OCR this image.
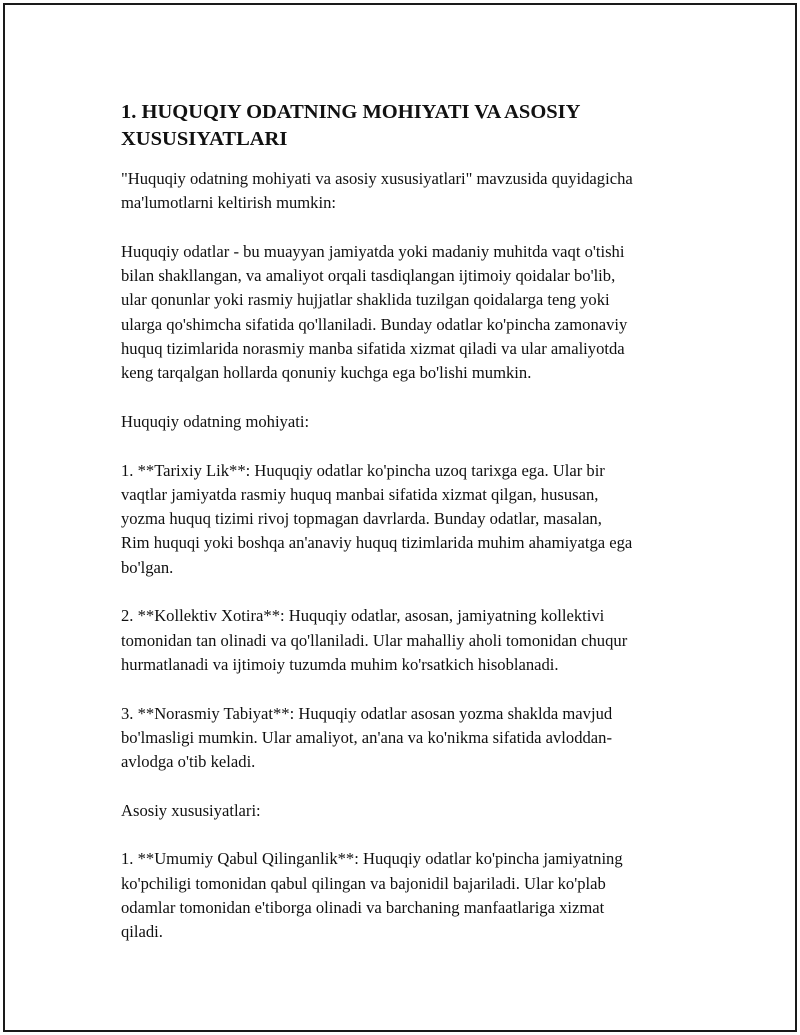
1. HUQUQIY ODATNING MOHIYATI VA ASOSIY
XUSUSIYATLARI
"Huquqiy odatning mohiyati va asosiy xususiyatlari" mavzusida quyidagicha
ma'lumotlarni keltirish mumkin:
Huquqiy odatlar - bu muayyan jamiyatda yoki madaniy muhitda vaqt o'tishi
bilan shakllangan, va amaliyot orqali tasdiqlangan ijtimoiy qoidalar bo'lib,
ular qonunlar yoki rasmiy hujjatlar shaklida tuzilgan qoidalarga teng yoki
ularga qo'shimcha sifatida qo'llaniladi. Bunday odatlar ko'pincha zamonaviy
huquq tizimlarida norasmiy manba sifatida xizmat qiladi va ular amaliyotda
keng tarqalgan hollarda qonuniy kuchga ega bo'lishi mumkin.
Huquqiy odatning mohiyati:
1. **Tarixiy Lik**: Huquqiy odatlar ko'pincha uzoq tarixga ega. Ular bir
vaqtlar jamiyatda rasmiy huquq manbai sifatida xizmat qilgan, hususan,
yozma huquq tizimi rivoj topmagan davrlarda. Bunday odatlar, masalan,
Rim huquqi yoki boshqa an'anaviy huquq tizimlarida muhim ahamiyatga ega
bo'lgan.
2. **Kollektiv Xotira**: Huquqiy odatlar, asosan, jamiyatning kollektivi
tomonidan tan olinadi va qo'llaniladi. Ular mahalliy aholi tomonidan chuqur
hurmatlanadi va ijtimoiy tuzumda muhim ko'rsatkich hisoblanadi.
3. **Norasmiy Tabiyat**: Huquqiy odatlar asosan yozma shaklda mavjud
bo'lmasligi mumkin. Ular amaliyot, an'ana va ko'nikma sifatida avloddan-
avlodga o'tib keladi.
Asosiy xususiyatlari:
1. **Umumiy Qabul Qilinganlik**: Huquqiy odatlar ko'pincha jamiyatning
ko'pchiligi tomonidan qabul qilingan va bajonidil bajariladi. Ular ko'plab
odamlar tomonidan e'tiborga olinadi va barchaning manfaatlariga xizmat
qiladi.
